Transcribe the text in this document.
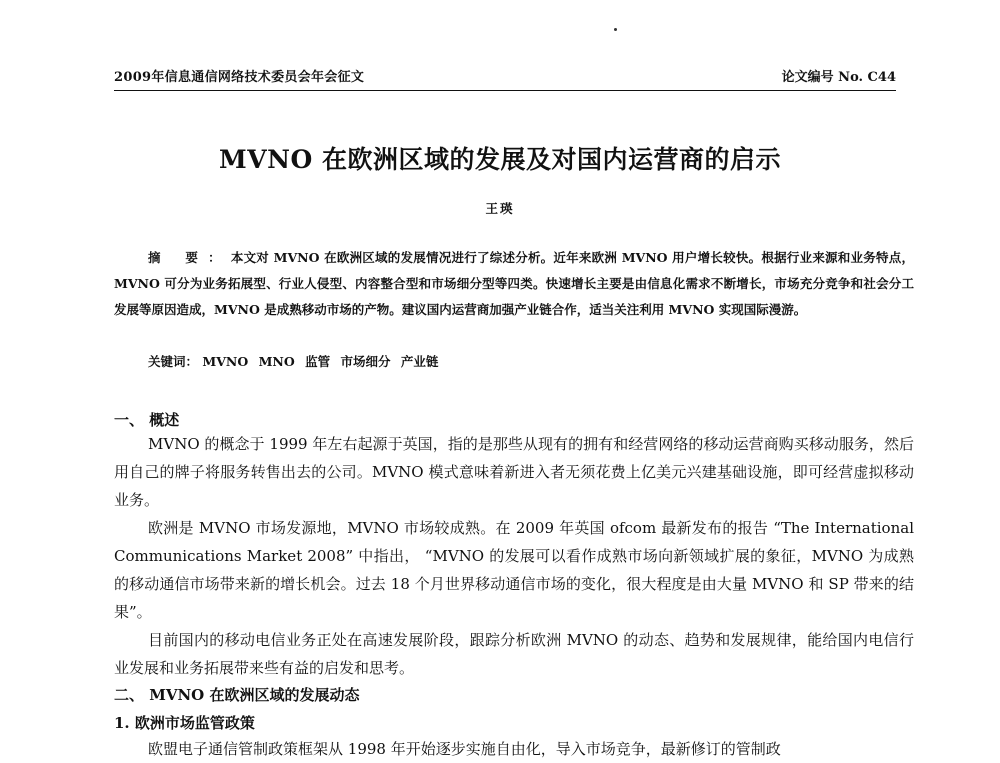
2009年信息通信网络技术委员会年会征文	论文编号 No. C44
MVNO 在欧洲区域的发展及对国内运营商的启示
王瑛
摘 要：本文对 MVNO 在欧洲区域的发展情况进行了综述分析。近年来欧洲 MVNO 用户增长较快。根据行业来源和业务特点，MVNO 可分为业务拓展型、行业人侵型、内容整合型和市场细分型等四类。快速增长主要是由信息化需求不断增长，市场充分竞争和社会分工发展等原因造成，MVNO 是成熟移动市场的产物。建议国内运营商加强产业链合作，适当关注利用 MVNO 实现国际漫游。
关键词： MVNO MNO 监管 市场细分 产业链
一、 概述

MVNO 的概念于 1999 年左右起源于英国，指的是那些从现有的拥有和经营网络的移动运营商购买移动服务，然后用自己的牌子将服务转售出去的公司。MVNO 模式意味着新进入者无须花费上亿美元兴建基础设施，即可经营虚拟移动业务。

欧洲是 MVNO 市场发源地，MVNO 市场较成熟。在 2009 年英国 ofcom 最新发布的报告 “The International Communications Market 2008” 中指出， “MVNO 的发展可以看作成熟市场向新领域扩展的象征，MVNO 为成熟的移动通信市场带来新的增长机会。过去 18 个月世界移动通信市场的变化，很大程度是由大量 MVNO 和 SP 带来的结果”。

目前国内的移动电信业务正处在高速发展阶段，跟踪分析欧洲 MVNO 的动态、趋势和发展规律，能给国内电信行业发展和业务拓展带来些有益的启发和思考。

二、 MVNO 在欧洲区域的发展动态
1. 欧洲市场监管政策

欧盟电子通信管制政策框架从 1998 年开始逐步实施自由化，导入市场竞争，最新修订的管制政
